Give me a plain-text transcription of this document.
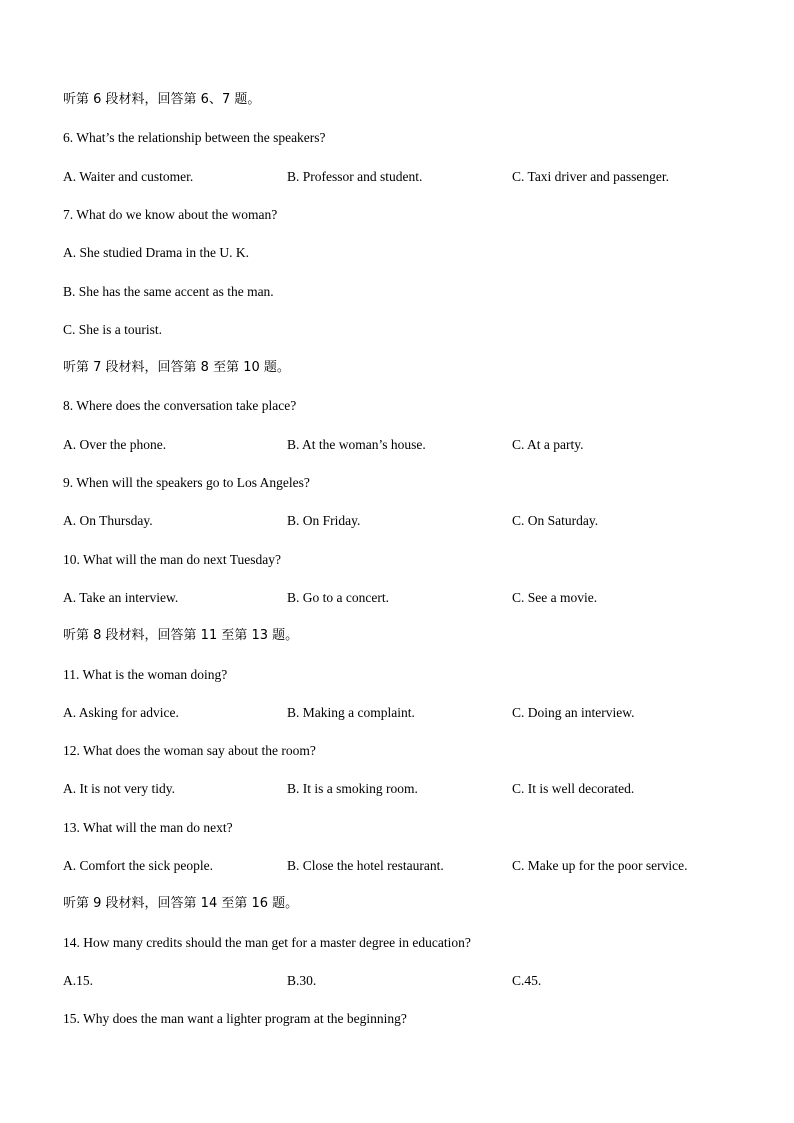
听第 6 段材料，回答第 6、7 题。
6. What’s the relationship between the speakers?
A. Waiter and customer.	B. Professor and student.	C. Taxi driver and passenger.
7. What do we know about the woman?
A. She studied Drama in the U. K.
B. She has the same accent as the man.
C. She is a tourist.
听第 7 段材料，回答第 8 至第 10 题。
8. Where does the conversation take place?
A. Over the phone.	B. At the woman’s house.	C. At a party.
9. When will the speakers go to Los Angeles?
A. On Thursday.	B. On Friday.	C. On Saturday.
10. What will the man do next Tuesday?
A. Take an interview.	B. Go to a concert.	C. See a movie.
听第 8 段材料，回答第 11 至第 13 题。
11. What is the woman doing?
A. Asking for advice.	B. Making a complaint.	C. Doing an interview.
12. What does the woman say about the room?
A. It is not very tidy.	B. It is a smoking room.	C. It is well decorated.
13. What will the man do next?
A. Comfort the sick people.	B. Close the hotel restaurant.	C. Make up for the poor service.
听第 9 段材料，回答第 14 至第 16 题。
14. How many credits should the man get for a master degree in education?
A.15.	B.30.	C.45.
15. Why does the man want a lighter program at the beginning?
